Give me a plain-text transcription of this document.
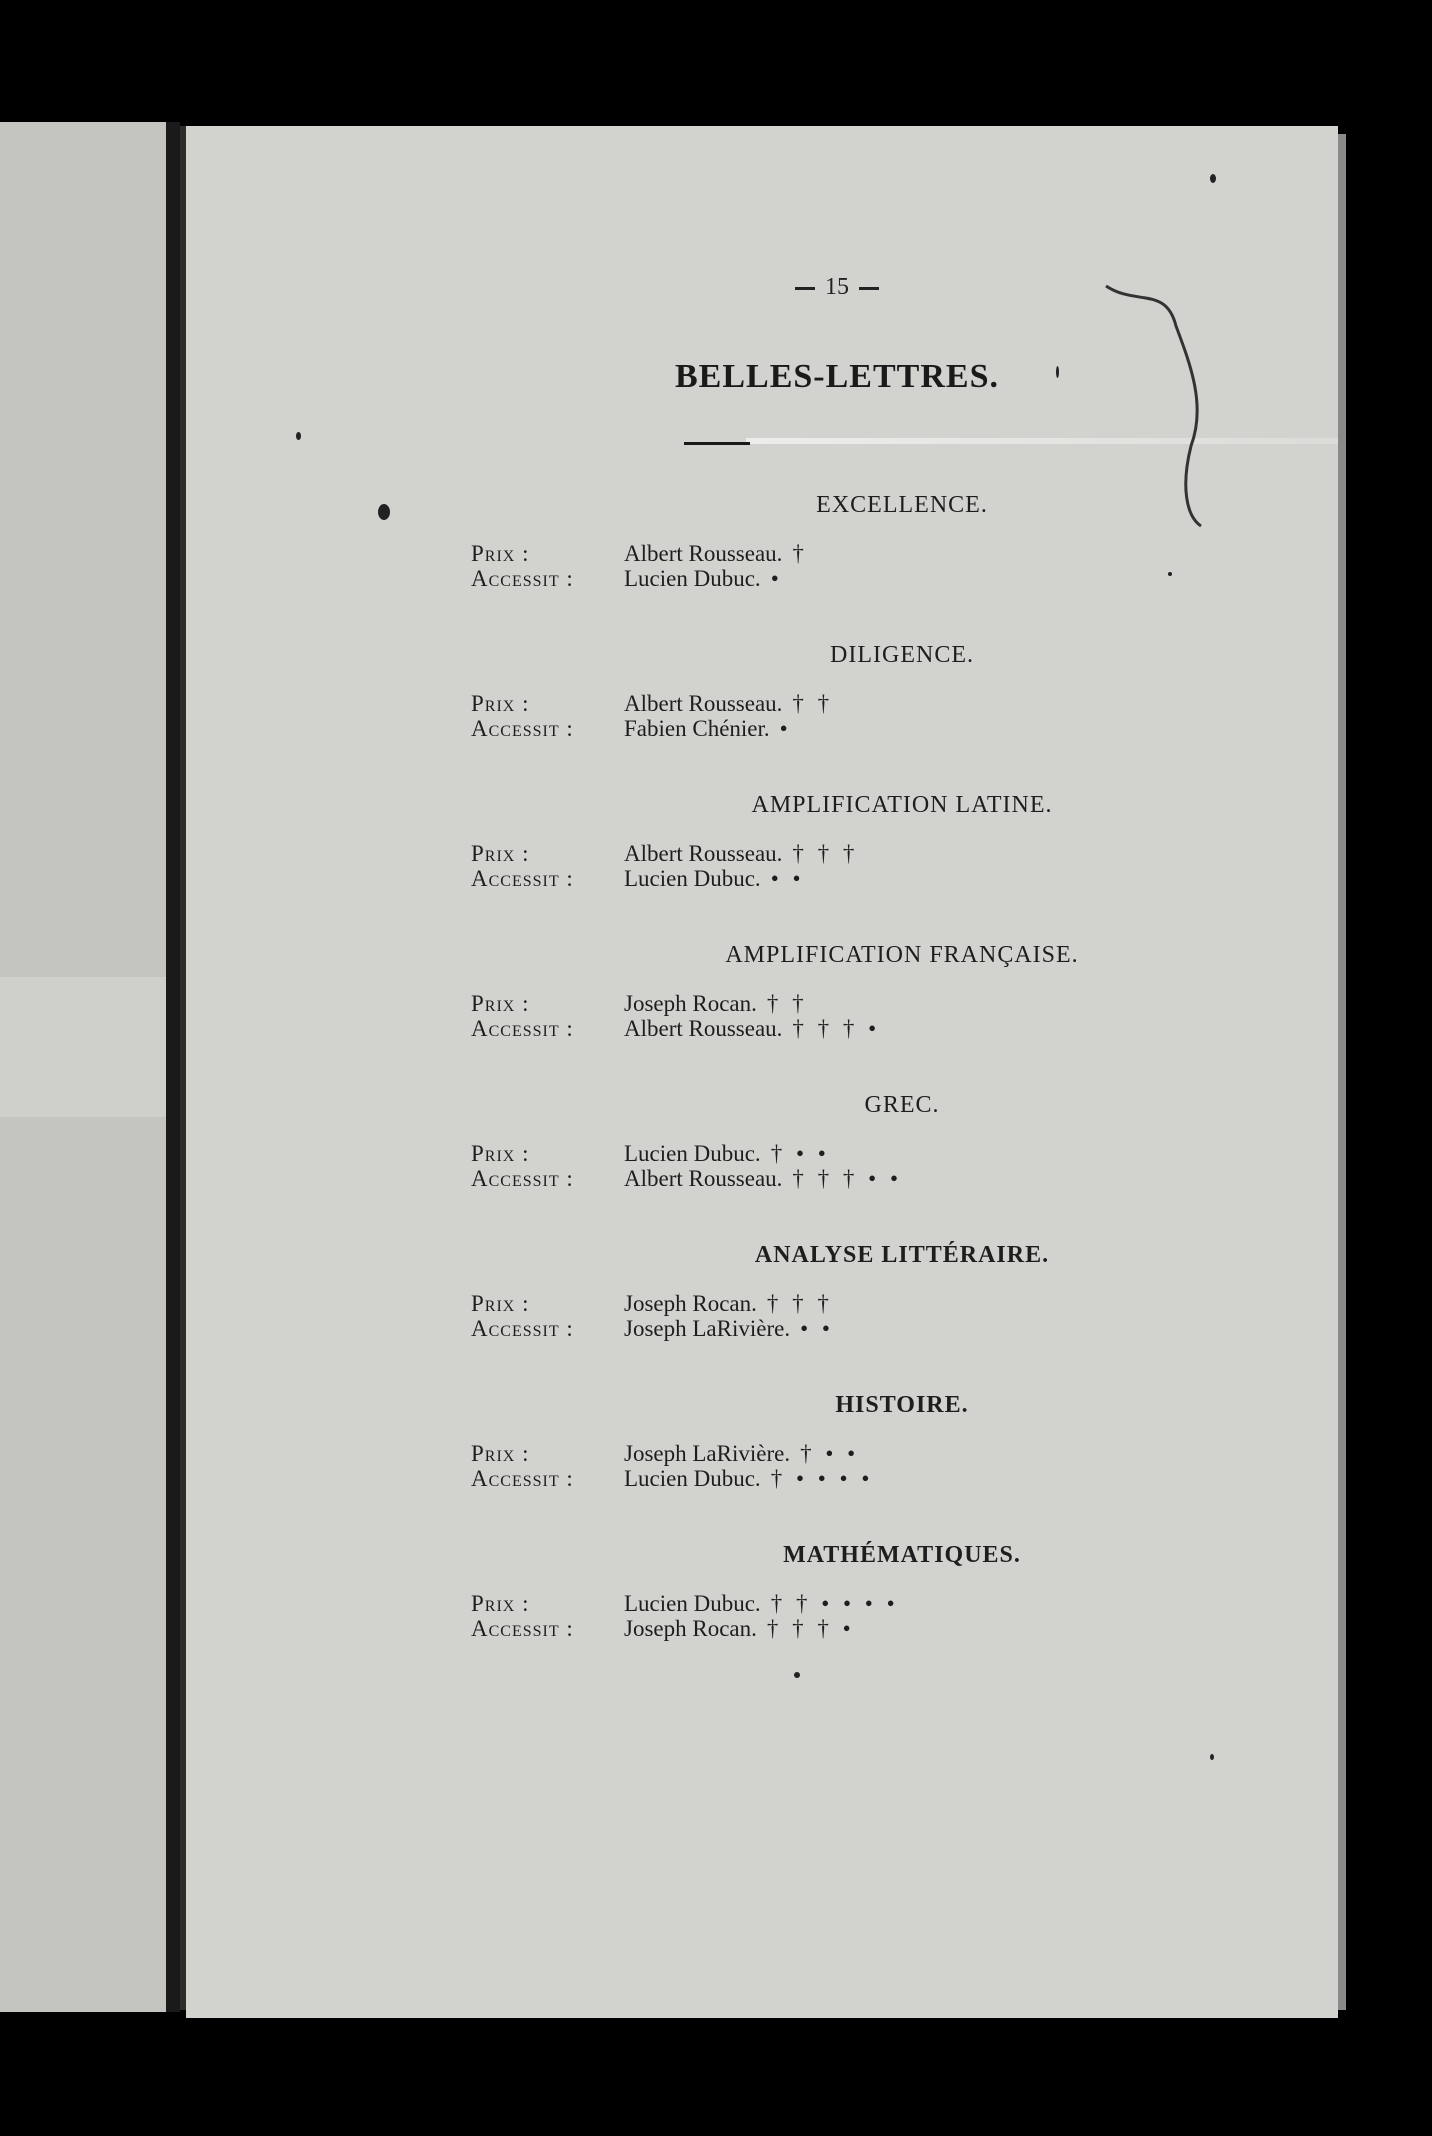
15
BELLES-LETTRES.
EXCELLENCE.
Prix :	Albert Rousseau. †
Accessit : Lucien Dubuc. •
DILIGENCE.
Prix :	Albert Rousseau. † †
Accessit : Fabien Chénier. •
AMPLIFICATION LATINE.
Prix :	Albert Rousseau. † † †
Accessit : Lucien Dubuc. • •
AMPLIFICATION FRANÇAISE.
Prix :	Joseph Rocan. † †
Accessit : Albert Rousseau. † † † •
GREC.
Prix :	Lucien Dubuc. † • •
Accessit : Albert Rousseau. † † † • •
ANALYSE LITTÉRAIRE.
Prix :	Joseph Rocan. † † †
Accessit : Joseph LaRivière. • •
HISTOIRE.
Prix :	Joseph LaRivière. † • •
Accessit : Lucien Dubuc. † • • • •
MATHÉMATIQUES.
Prix :	Lucien Dubuc. † † • • • •
Accessit : Joseph Rocan. † † † •
